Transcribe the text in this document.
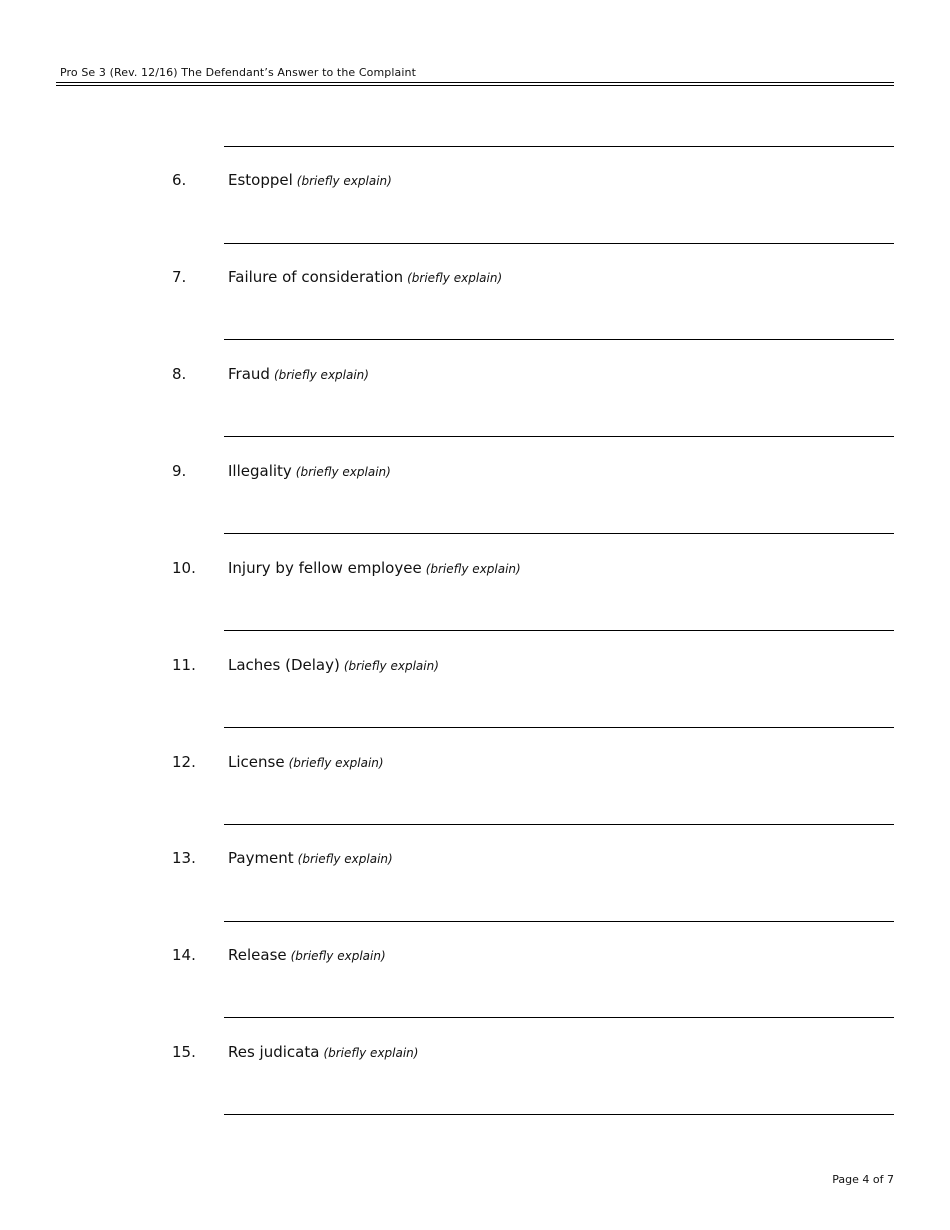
Pro Se 3 (Rev. 12/16) The Defendant’s Answer to the Complaint
6.	Estoppel (briefly explain)
7.	Failure of consideration (briefly explain)
8.	Fraud (briefly explain)
9.	Illegality (briefly explain)
10. Injury by fellow employee (briefly explain)
11. Laches (Delay) (briefly explain)
12. License (briefly explain)
13. Payment (briefly explain)
14. Release (briefly explain)
15. Res judicata (briefly explain)
Page 4 of 7
